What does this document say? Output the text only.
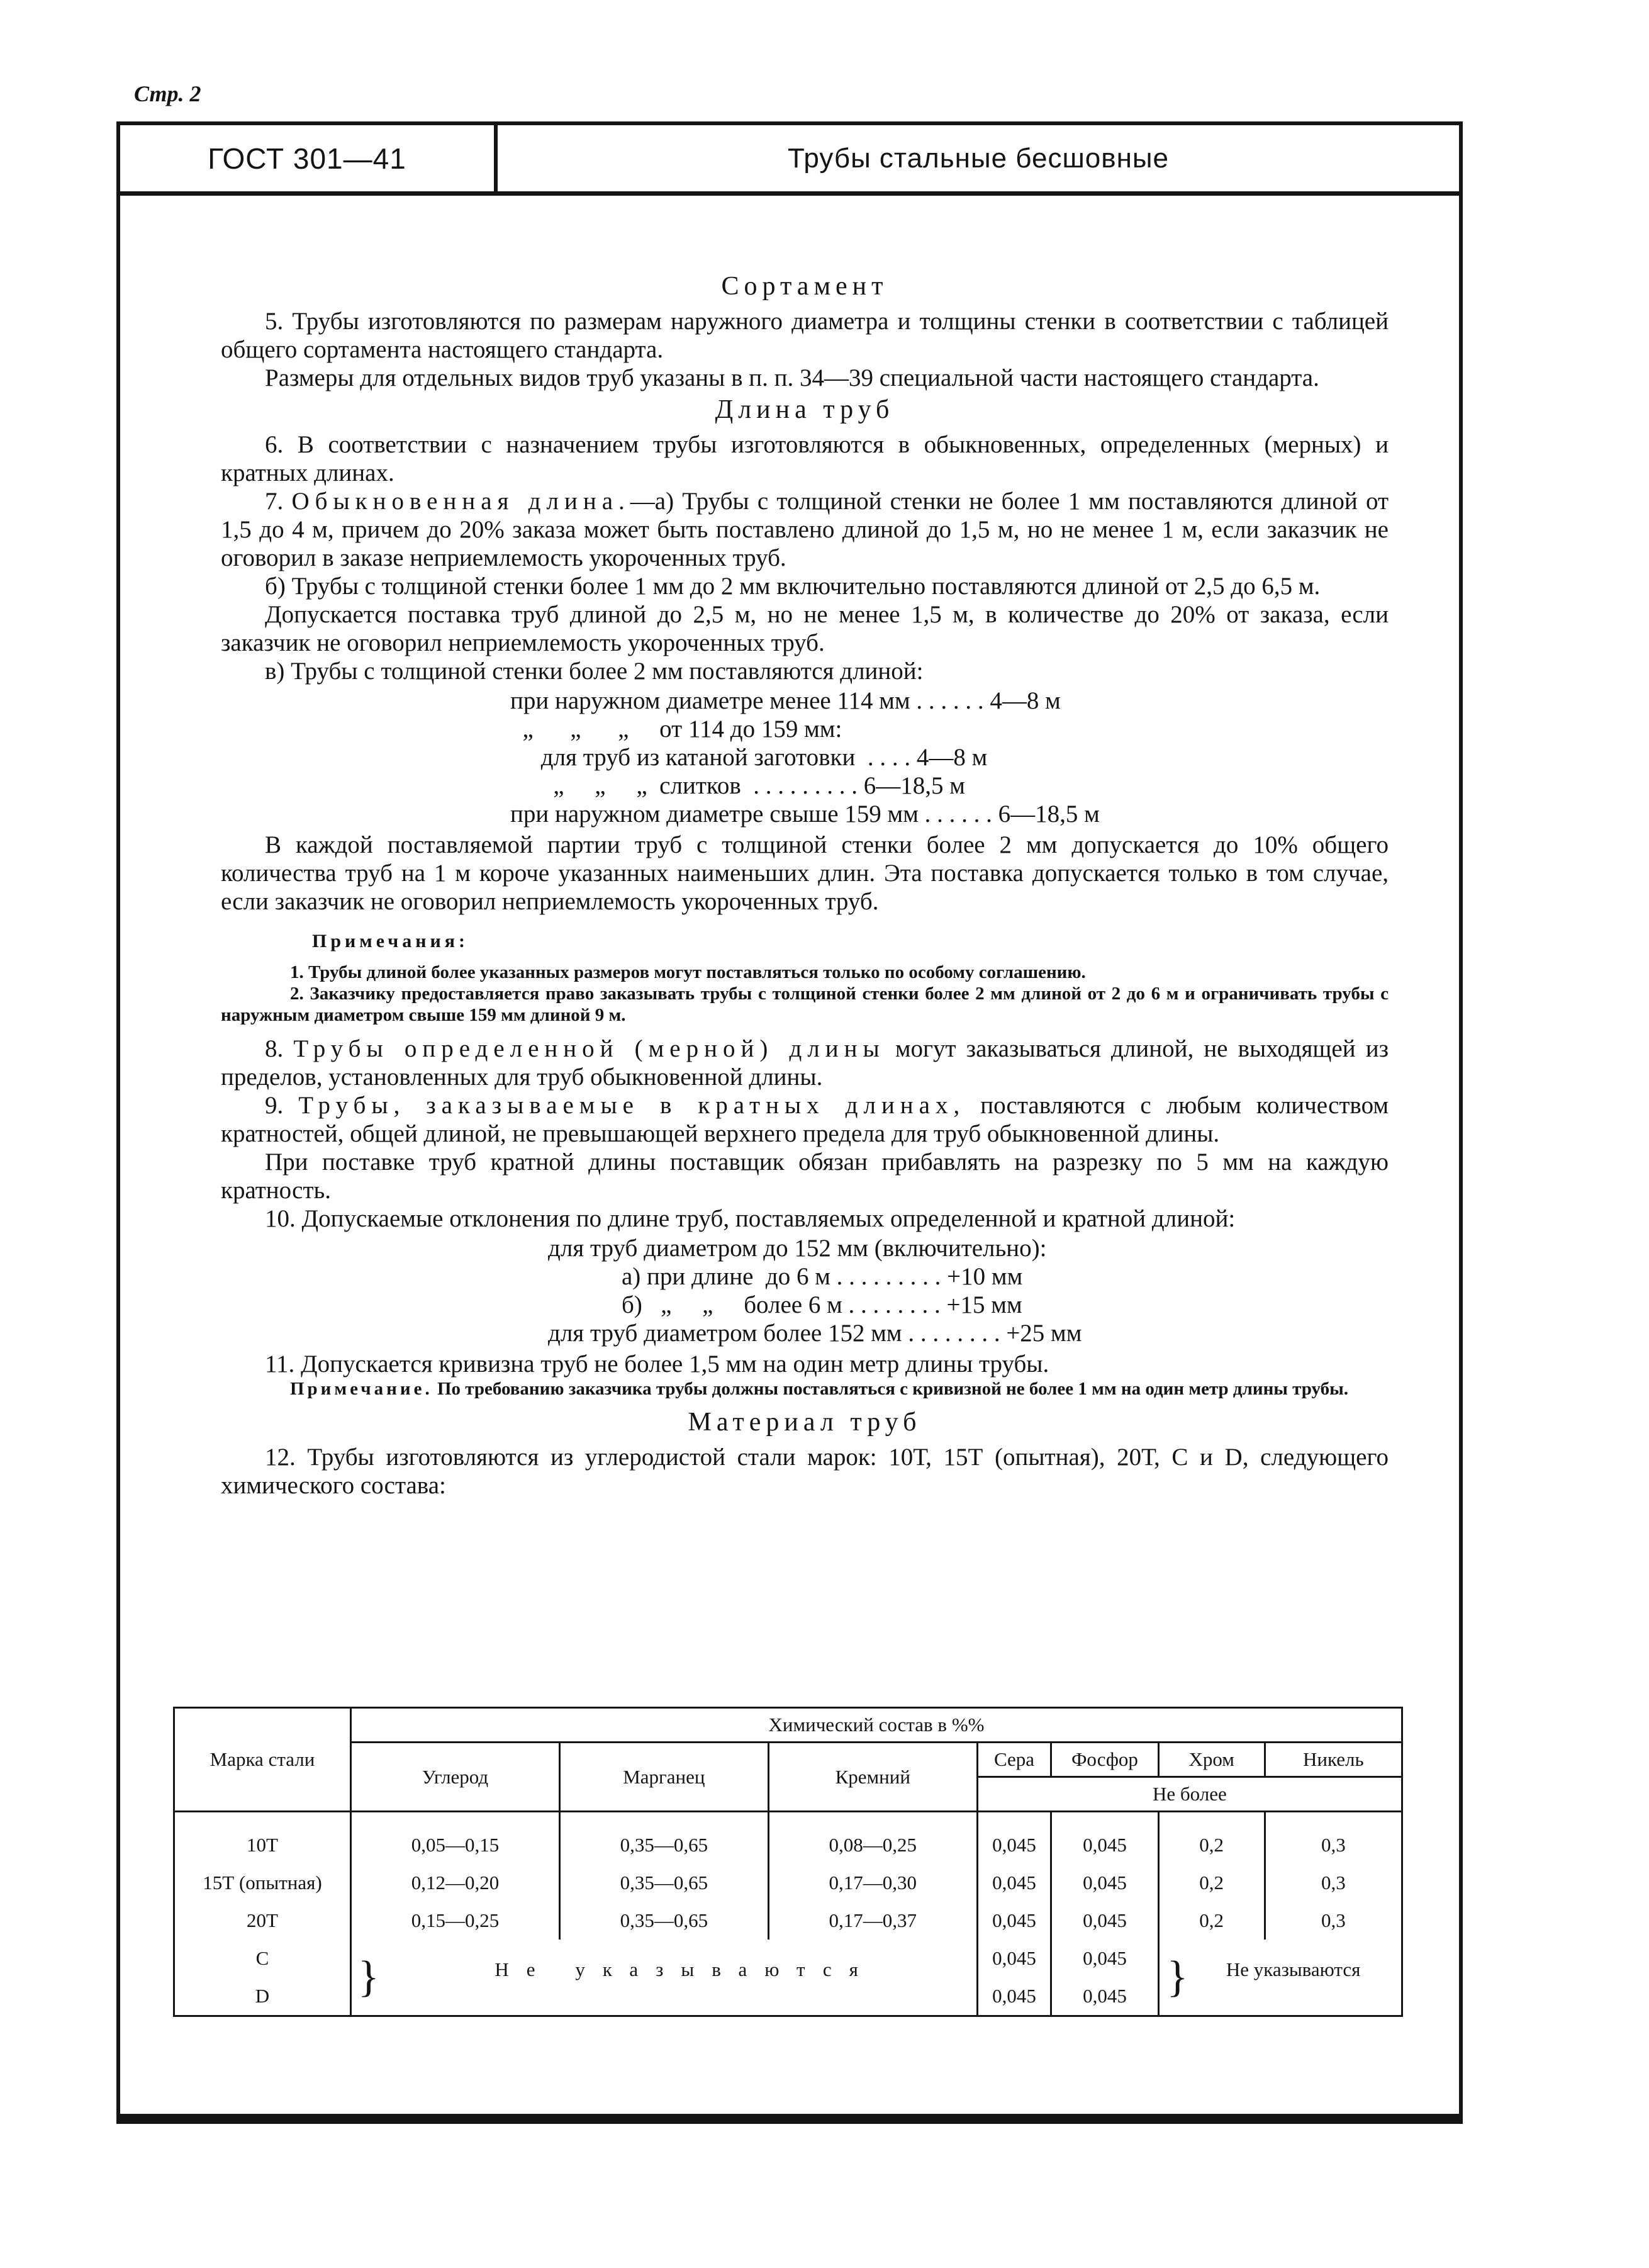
Стр. 2
ГОСТ 301—41	Трубы стальные бесшовные
Сортамент

5. Трубы изготовляются по размерам наружного диаметра и толщины стенки в соответствии с таблицей общего сортамента настоящего стандарта.

Размеры для отдельных видов труб указаны в п. п. 34—39 специальной части настоящего стандарта.

Длина труб

6. В соответствии с назначением трубы изготовляются в обыкновенных, определенных (мерных) и кратных длинах.

7. Обыкновенная длина.—а) Трубы с толщиной стенки не более 1 мм поставляются длиной от 1,5 до 4 м, причем до 20% заказа может быть поставлено длиной до 1,5 м, но не менее 1 м, если заказчик не оговорил в заказе неприемлемость укороченных труб.

б) Трубы с толщиной стенки более 1 мм до 2 мм включительно поставляются длиной от 2,5 до 6,5 м.

Допускается поставка труб длиной до 2,5 м, но не менее 1,5 м, в количестве до 20% от заказа, если заказчик не оговорил неприемлемость укороченных труб.

в) Трубы с толщиной стенки более 2 мм поставляются длиной:

при наружном диаметре менее 114 мм . . . . . . 4—8 м
„      „      „     от 114 до 159 мм:
для труб из катаной заготовки  . . . . 4—8 м
„     „     „  слитков  . . . . . . . . . 6—18,5 м
при наружном диаметре свыше 159 мм . . . . . . 6—18,5 м

В каждой поставляемой партии труб с толщиной стенки более 2 мм допускается до 10% общего количества труб на 1 м короче указанных наименьших длин. Эта поставка допускается только в том случае, если заказчик не оговорил неприемлемость укороченных труб.

Примечания:

1. Трубы длиной более указанных размеров могут поставляться только по особому соглашению.

2. Заказчику предоставляется право заказывать трубы с толщиной стенки более 2 мм длиной от 2 до 6 м и ограничивать трубы с наружным диаметром свыше 159 мм длиной 9 м.

8. Трубы определенной (мерной) длины могут заказываться длиной, не выходящей из пределов, установленных для труб обыкновенной длины.

9. Трубы, заказываемые в кратных длинах, поставляются с любым количеством кратностей, общей длиной, не превышающей верхнего предела для труб обыкновенной длины.

При поставке труб кратной длины поставщик обязан прибавлять на разрезку по 5 мм на каждую кратность.

10. Допускаемые отклонения по длине труб, поставляемых определенной и кратной длиной:

для труб диаметром до 152 мм (включительно):
а) при длине  до 6 м . . . . . . . . . +10 мм
б)   „     „     более 6 м . . . . . . . . +15 мм
для труб диаметром более 152 мм . . . . . . . . +25 мм

11. Допускается кривизна труб не более 1,5 мм на один метр длины трубы.

Примечание. По требованию заказчика трубы должны поставляться с кривизной не более 1 мм на один метр длины трубы.

Материал труб

12. Трубы изготовляются из углеродистой стали марок: 10Т, 15Т (опытная), 20Т, С и D, следующего химического состава:

Марка стали	Химический состав в %%						
	Углерод	Марганец	Кремний	Сера	Фосфор	Хром	Никель
				Не более			
10Т	0,05—0,15	0,35—0,65	0,08—0,25	0,045	0,045	0,2	0,3
15Т (опытная)	0,12—0,20	0,35—0,65	0,17—0,30	0,045	0,045	0,2	0,3
20Т	0,15—0,25	0,35—0,65	0,17—0,37	0,045	0,045	0,2	0,3
C	} Не указываются			0,045	0,045	} Не указываются	
D				0,045	0,045		
